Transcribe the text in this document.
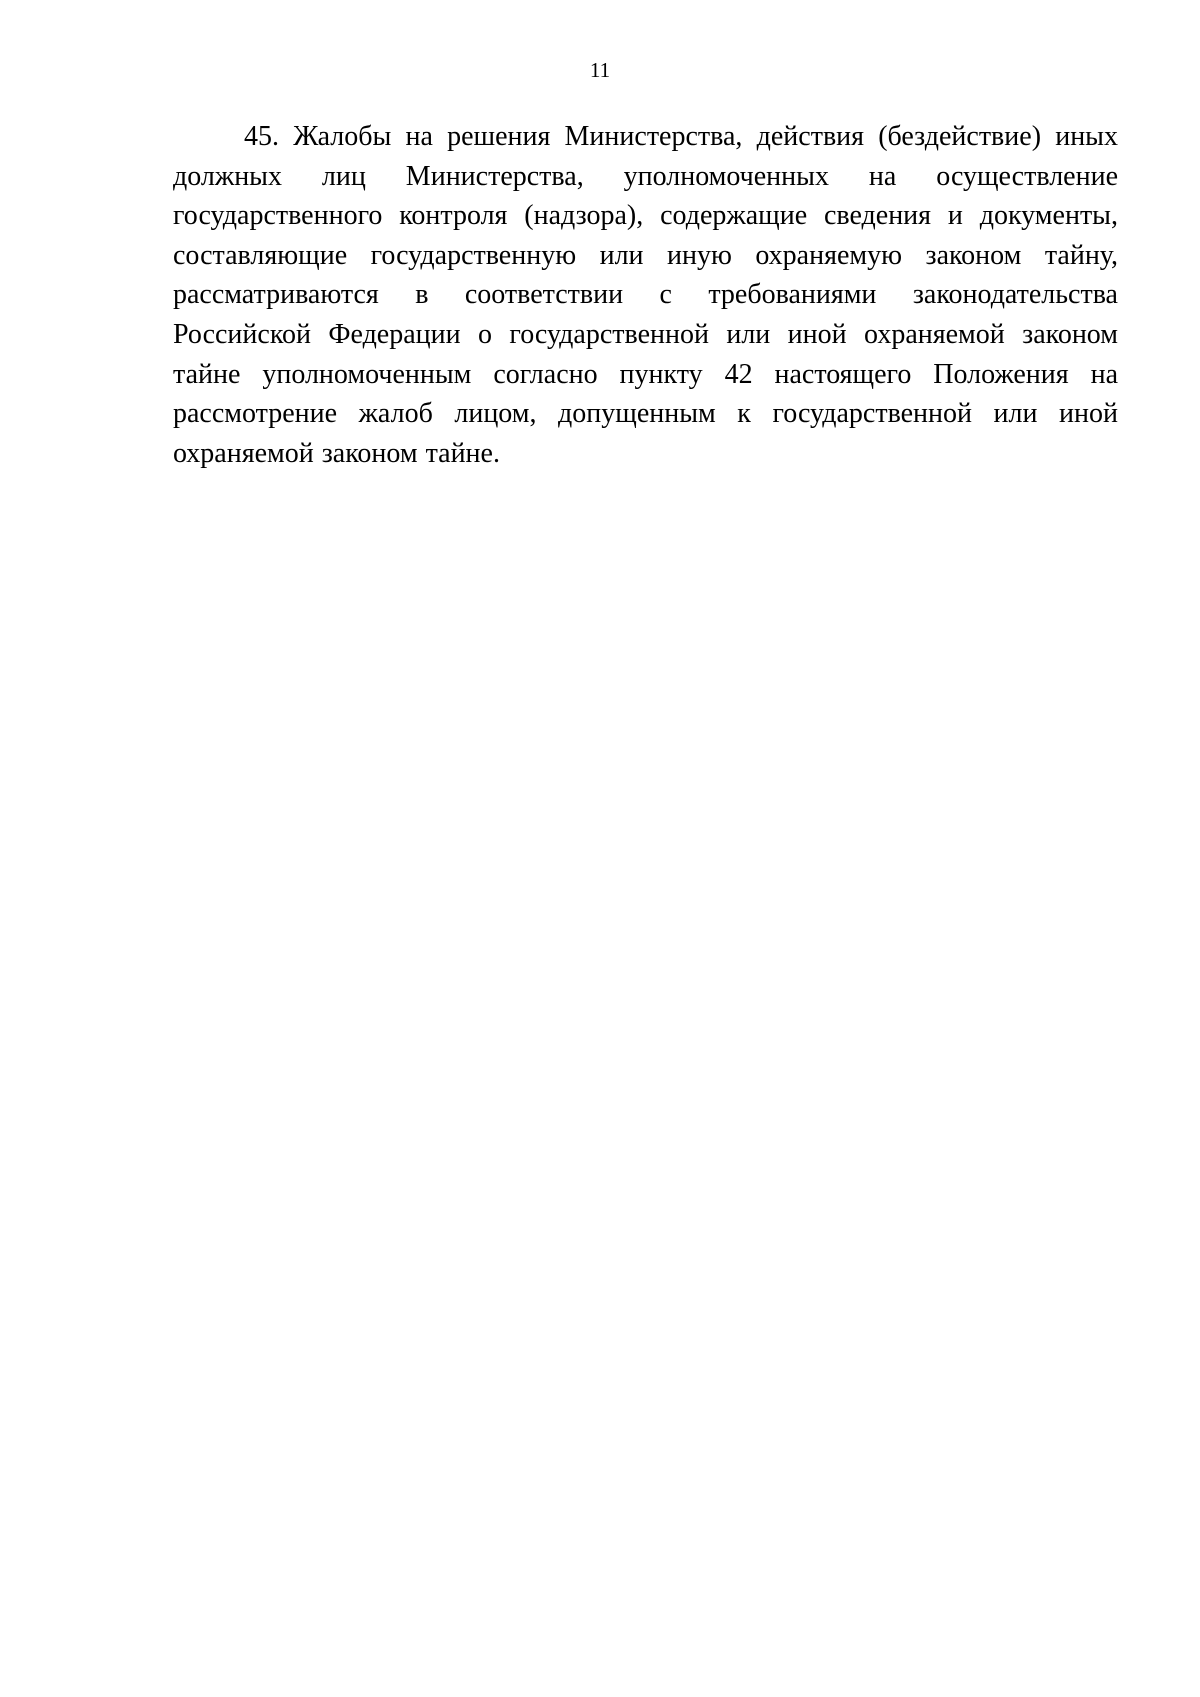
11

45. Жалобы на решения Министерства, действия (бездействие) иных должных лиц Министерства, уполномоченных на осуществление государственного контроля (надзора), содержащие сведения и документы, составляющие государственную или иную охраняемую законом тайну, рассматриваются в соответствии с требованиями законодательства Российской Федерации о государственной или иной охраняемой законом тайне уполномоченным согласно пункту 42 настоящего Положения на рассмотрение жалоб лицом, допущенным к государственной или иной охраняемой законом тайне.
